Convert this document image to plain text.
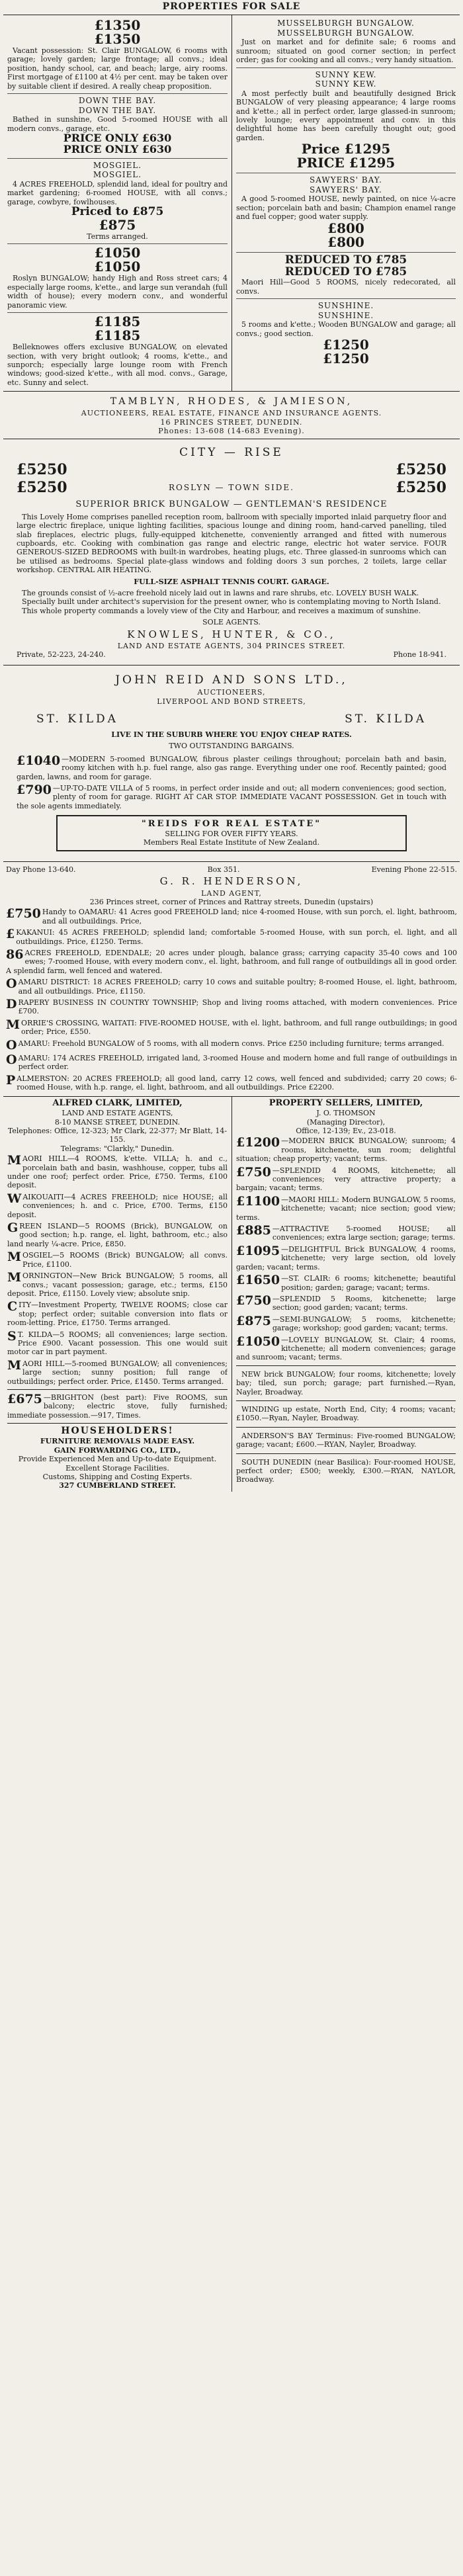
PROPERTIES FOR SALE
£1350
£1350

Vacant possession: St. Clair BUNGALOW, 6 rooms with garage; lovely garden; large frontage; all convs.; ideal position, handy school, car, and beach; large, airy rooms. First mortgage of £1100 at 4½ per cent. may be taken over by suitable client if desired. A really cheap proposition.

DOWN THE BAY.
DOWN THE BAY.

Bathed in sunshine, Good 5-roomed HOUSE with all modern convs., garage, etc.

PRICE ONLY £630
PRICE ONLY £630
MOSGIEL.
MOSGIEL.

4 ACRES FREEHOLD, splendid land, ideal for poultry and market gardening; 6-roomed HOUSE, with all convs.; garage, cowbyre, fowlhouses.

Priced to £875
£875
Terms arranged.
£1050
£1050

Roslyn BUNGALOW; handy High and Ross street cars; 4 especially large rooms, k'ette., and large sun verandah (full width of house); every modern conv., and wonderful panoramic view.

£1185
£1185

Belleknowes offers exclusive BUNGALOW, on elevated section, with very bright outlook; 4 rooms, k'ette., and sunporch; especially large lounge room with French windows; good-sized k'ette., with all mod. convs., Garage, etc. Sunny and select.

MUSSELBURGH BUNGALOW.
MUSSELBURGH BUNGALOW.

Just on market and for definite sale; 6 rooms and sunroom; situated on good corner section; in perfect order; gas for cooking and all convs.; very handy situation.

SUNNY KEW.
SUNNY KEW.

A most perfectly built and beautifully designed Brick BUNGALOW of very pleasing appearance; 4 large rooms and k'ette.; all in perfect order, large glassed-in sunroom; lovely lounge; every appointment and conv. in this delightful home has been carefully thought out; good garden.

Price £1295
PRICE £1295
SAWYERS' BAY.
SAWYERS' BAY.

A good 5-roomed HOUSE, newly painted, on nice ¼-acre section; porcelain bath and basin; Champion enamel range and fuel copper; good water supply.

£800
£800
REDUCED TO £785
REDUCED TO £785

Maori Hill—Good 5 ROOMS, nicely redecorated, all convs.

SUNSHINE.
SUNSHINE.

5 rooms and k'ette.; Wooden BUNGALOW and garage; all convs.; good section.

£1250
£1250
TAMBLYN, RHODES, & JAMIESON,
AUCTIONEERS, REAL ESTATE, FINANCE AND INSURANCE AGENTS.
16 PRINCES STREET, DUNEDIN.
Phones: 13-608 (14-683 Evening).
CITY — RISE
£5250	£5250
£5250	ROSLYN — TOWN SIDE.	£5250
SUPERIOR BRICK BUNGALOW — GENTLEMAN'S RESIDENCE

This Lovely Home comprises panelled reception room, ballroom with specially imported inlaid parquetry floor and large electric fireplace, unique lighting facilities, spacious lounge and dining room, hand-carved panelling, tiled slab fireplaces, electric plugs, fully-equipped kitchenette, conveniently arranged and fitted with numerous cupboards, etc. Cooking with combination gas range and electric range, electric hot water service. FOUR GENEROUS-SIZED BEDROOMS with built-in wardrobes, heating plugs, etc. Three glassed-in sunrooms which can be utilised as bedrooms. Special plate-glass windows and folding doors 3 sun porches, 2 toilets, large cellar workshop. CENTRAL AIR HEATING.

FULL-SIZE ASPHALT TENNIS COURT. GARAGE.

The grounds consist of ½-acre freehold nicely laid out in lawns and rare shrubs, etc. LOVELY BUSH WALK.

Specially built under architect's supervision for the present owner, who is contemplating moving to North Island.

This whole property commands a lovely view of the City and Harbour, and receives a maximum of sunshine.

SOLE AGENTS.
KNOWLES, HUNTER, & CO.,
LAND AND ESTATE AGENTS, 304 PRINCES STREET.
Private, 52-223, 24-240.	Phone 18-941.
JOHN REID AND SONS LTD.,
AUCTIONEERS,
LIVERPOOL AND BOND STREETS,
ST. KILDA	ST. KILDA
LIVE IN THE SUBURB WHERE YOU ENJOY CHEAP RATES.
TWO OUTSTANDING BARGAINS.
£1040 —MODERN 5-roomed BUNGALOW, fibrous plaster ceilings throughout; porcelain bath and basin, roomy kitchen with h.p. fuel range, also gas range. Everything under one roof. Recently painted; good garden, lawns, and room for garage.
£790 —UP-TO-DATE VILLA of 5 rooms, in perfect order inside and out; all modern conveniences; good section, plenty of room for garage. RIGHT AT CAR STOP. IMMEDIATE VACANT POSSESSION. Get in touch with the sole agents immediately.
"REIDS FOR REAL ESTATE"
SELLING FOR OVER FIFTY YEARS.
Members Real Estate Institute of New Zealand.
Day Phone 13-640.	Box 351.	Evening Phone 22-515.
G. R. HENDERSON,
LAND AGENT,
236 Princes street, corner of Princes and Rattray streets, Dunedin (upstairs)
£750 Handy to OAMARU: 41 Acres good FREEHOLD land; nice 4-roomed House, with sun porch, el. light, bathroom, and all outbuildings. Price,
£ KAKANUI: 45 ACRES FREEHOLD; splendid land; comfortable 5-roomed House, with sun porch, el. light, and all outbuildings. Price, £1250. Terms.
86 ACRES FREEHOLD, EDENDALE; 20 acres under plough, balance grass; carrying capacity 35-40 cows and 100 ewes; 7-roomed House, with every modern conv., el. light, bathroom, and full range of outbuildings all in good order. A splendid farm, well fenced and watered.
OAMARU DISTRICT: 18 ACRES FREEHOLD; carry 10 cows and suitable poultry; 8-roomed House, el. light, bathroom, and all outbuildings. Price, £1150.
DRAPERY BUSINESS IN COUNTRY TOWNSHIP; Shop and living rooms attached, with modern conveniences. Price £700.
MORRIE'S CROSSING, WAITATI: FIVE-ROOMED HOUSE, with el. light, bathroom, and full range outbuildings; in good order; Price, £550.
OAMARU: Freehold BUNGALOW of 5 rooms, with all modern convs. Price £250 including furniture; terms arranged.
OAMARU: 174 ACRES FREEHOLD, irrigated land, 3-roomed House and modern home and full range of outbuildings in perfect order.
PALMERSTON: 20 ACRES FREEHOLD; all good land, carry 12 cows, well fenced and subdivided; carry 20 cows; 6-roomed House, with h.p. range, el. light, bathroom, and all outbuildings. Price £2200.
ALFRED CLARK, LIMITED,
LAND AND ESTATE AGENTS,
8-10 MANSE STREET, DUNEDIN.
Telephones: Office, 12-323; Mr Clark, 22-377; Mr Blatt, 14-155.
Telegrams: "Clarkly," Dunedin.
MAORI HILL—4 ROOMS, k'ette. VILLA; h. and c., porcelain bath and basin, washhouse, copper, tubs all under one roof; perfect order. Price, £750. Terms, £100 deposit.
WAIKOUAITI—4 ACRES FREEHOLD; nice HOUSE; all conveniences; h. and c. Price, £700. Terms, £150 deposit.
GREEN ISLAND—5 ROOMS (Brick), BUNGALOW, on good section; h.p. range, el. light, bathroom, etc.; also land nearly ¼-acre. Price, £850.
MOSGIEL—5 ROOMS (Brick) BUNGALOW; all convs. Price, £1100.
MORNINGTON—New Brick BUNGALOW; 5 rooms, all convs.; vacant possession; garage, etc.; terms, £150 deposit. Price, £1150. Lovely view; absolute snip.
CITY—Investment Property, TWELVE ROOMS; close car stop; perfect order; suitable conversion into flats or room-letting. Price, £1750. Terms arranged.
S T. KILDA—5 ROOMS; all conveniences; large section. Price £900. Vacant possession. This one would suit motor car in part payment.
MAORI HILL—5-roomed BUNGALOW; all conveniences; large section; sunny position; full range of outbuildings; perfect order. Price, £1450. Terms arranged.
£675 —BRIGHTON (best part): Five ROOMS, sun balcony; electric stove, fully furnished; immediate possession.—917, Times.
HOUSEHOLDERS!
FURNITURE REMOVALS MADE EASY.
GAIN FORWARDING CO., LTD.,
Provide Experienced Men and Up-to-date Equipment. Excellent Storage Facilities.
Customs, Shipping and Costing Experts.
327 CUMBERLAND STREET.
PROPERTY SELLERS, LIMITED,
J. O. THOMSON
(Managing Director),
Office, 12-139; Ev., 23-018.
£1200 —MODERN BRICK BUNGALOW; sunroom; 4 rooms, kitchenette, sun room; delightful situation; cheap property; vacant; terms.
£750 —SPLENDID 4 ROOMS, kitchenette; all conveniences; very attractive property; a bargain; vacant; terms.
£1100 —MAORI HILL: Modern BUNGALOW, 5 rooms, kitchenette; vacant; nice section; good view; terms.
£885 —ATTRACTIVE 5-roomed HOUSE; all conveniences; extra large section; garage; terms.
£1095 —DELIGHTFUL Brick BUNGALOW, 4 rooms, kitchenette; very large section, old lovely garden; vacant; terms.
£1650 —ST. CLAIR: 6 rooms; kitchenette; beautiful position; garden; garage; vacant; terms.
£750 —SPLENDID 5 Rooms, kitchenette; large section; good garden; vacant; terms.
£875 —SEMI-BUNGALOW; 5 rooms, kitchenette; garage; workshop; good garden; vacant; terms.
£1050 —LOVELY BUNGALOW, St. Clair; 4 rooms, kitchenette; all modern conveniences; garage and sunroom; vacant; terms.

NEW brick BUNGALOW; four rooms, kitchenette; lovely bay; tiled, sun porch; garage; part furnished.—Ryan, Nayler, Broadway.

WINDING up estate, North End, City; 4 rooms; vacant; £1050.—Ryan, Nayler, Broadway.

ANDERSON'S BAY Terminus: Five-roomed BUNGALOW; garage; vacant; £600.—RYAN, Nayler, Broadway.

SOUTH DUNEDIN (near Basilica): Four-roomed HOUSE, perfect order; £500; weekly, £300.—RYAN, NAYLOR, Broadway.
